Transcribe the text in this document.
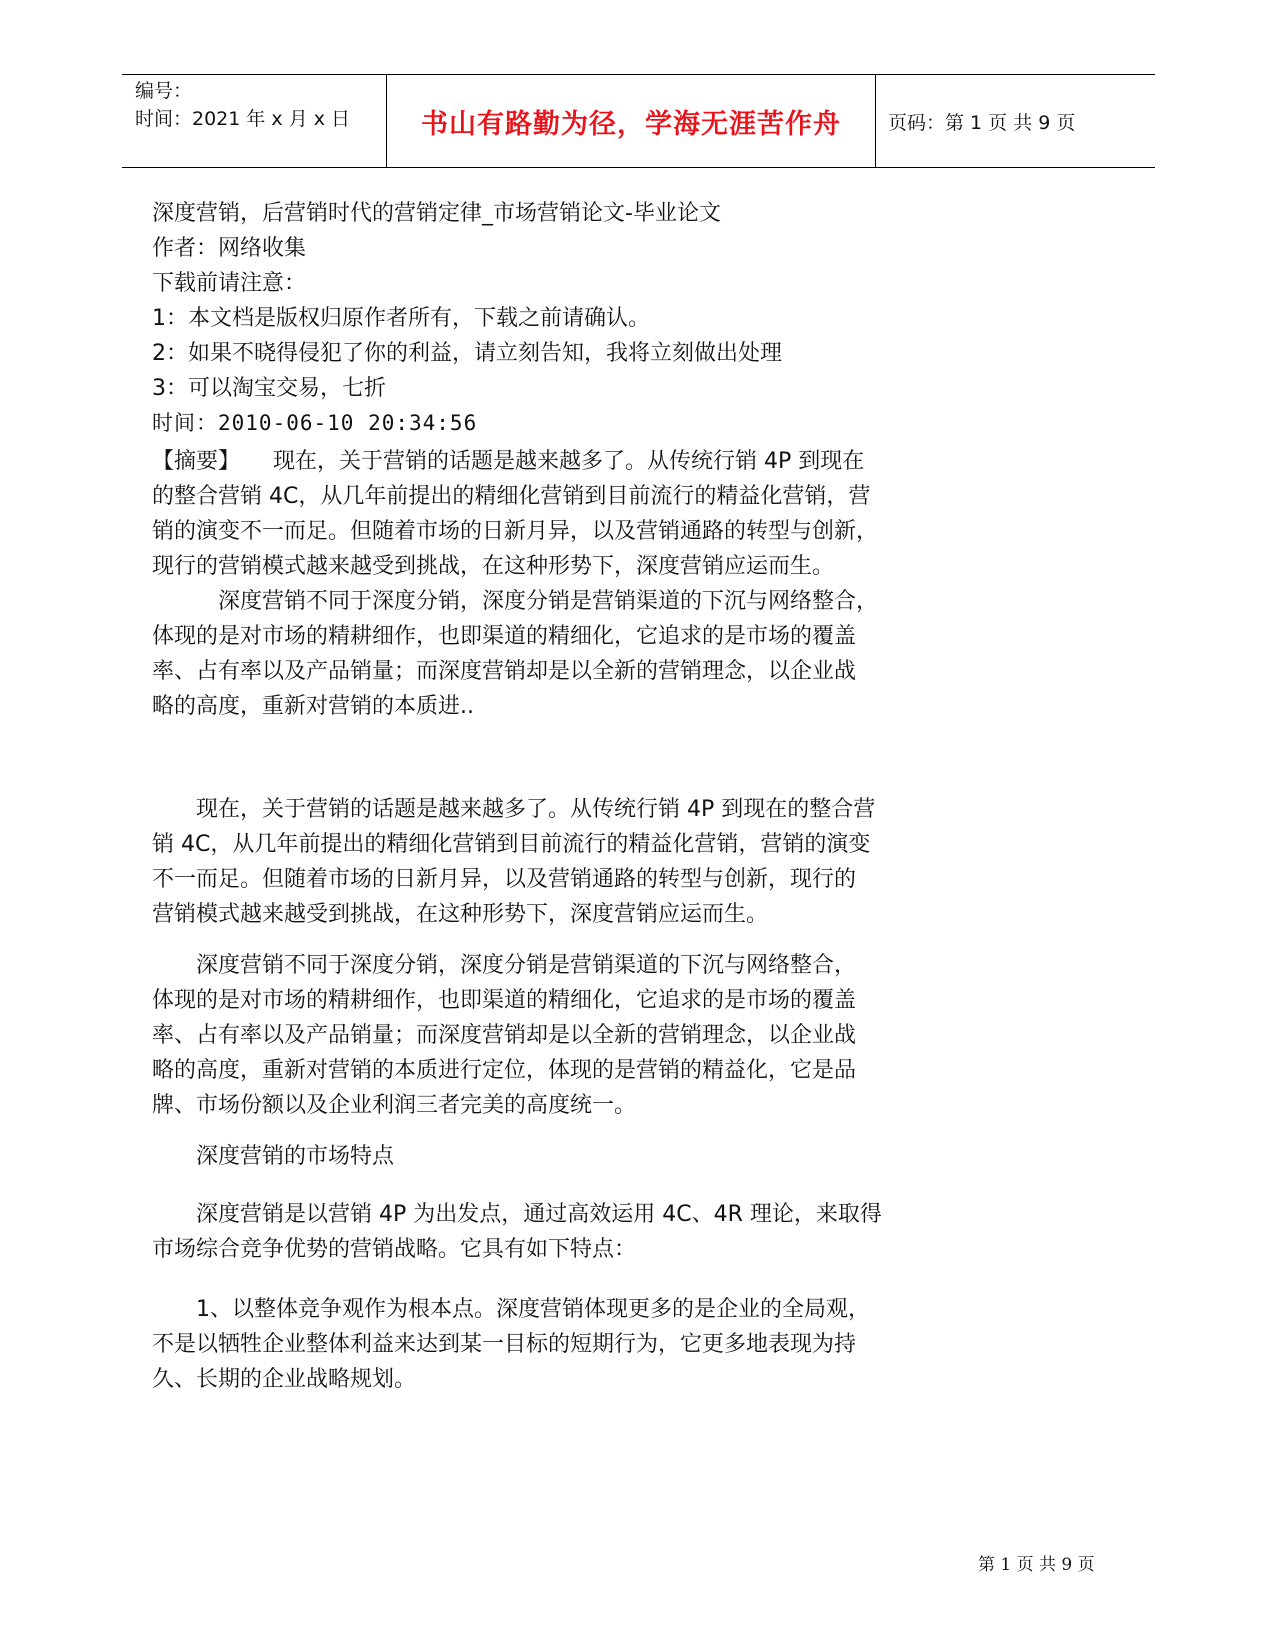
编号：
时间：2021 年 x 月 x 日	书山有路勤为径，学海无涯苦作舟 页码：第 1 页 共 9 页
深度营销，后营销时代的营销定律_市场营销论文-毕业论文
作者：网络收集
下载前请注意：
1：本文档是版权归原作者所有，下载之前请确认。
2：如果不晓得侵犯了你的利益，请立刻告知，我将立刻做出处理
3：可以淘宝交易，七折
时间：2010-06-10 20:34:56
【摘要】　　现在，关于营销的话题是越来越多了。从传统行销 4P 到现在
的整合营销 4C，从几年前提出的精细化营销到目前流行的精益化营销，营
销的演变不一而足。但随着市场的日新月异，以及营销通路的转型与创新，
现行的营销模式越来越受到挑战，在这种形势下，深度营销应运而生。
　　　深度营销不同于深度分销，深度分销是营销渠道的下沉与网络整合，
体现的是对市场的精耕细作，也即渠道的精细化，它追求的是市场的覆盖
率、占有率以及产品销量；而深度营销却是以全新的营销理念，以企业战
略的高度，重新对营销的本质进..
　　现在，关于营销的话题是越来越多了。从传统行销 4P 到现在的整合营
销 4C，从几年前提出的精细化营销到目前流行的精益化营销，营销的演变
不一而足。但随着市场的日新月异，以及营销通路的转型与创新，现行的
营销模式越来越受到挑战，在这种形势下，深度营销应运而生。
　　深度营销不同于深度分销，深度分销是营销渠道的下沉与网络整合，
体现的是对市场的精耕细作，也即渠道的精细化，它追求的是市场的覆盖
率、占有率以及产品销量；而深度营销却是以全新的营销理念，以企业战
略的高度，重新对营销的本质进行定位，体现的是营销的精益化，它是品
牌、市场份额以及企业利润三者完美的高度统一。
　　深度营销的市场特点
　　深度营销是以营销 4P 为出发点，通过高效运用 4C、4R 理论，来取得
市场综合竞争优势的营销战略。它具有如下特点：
　　1、以整体竞争观作为根本点。深度营销体现更多的是企业的全局观，
不是以牺牲企业整体利益来达到某一目标的短期行为，它更多地表现为持
久、长期的企业战略规划。
第 1 页 共 9 页
